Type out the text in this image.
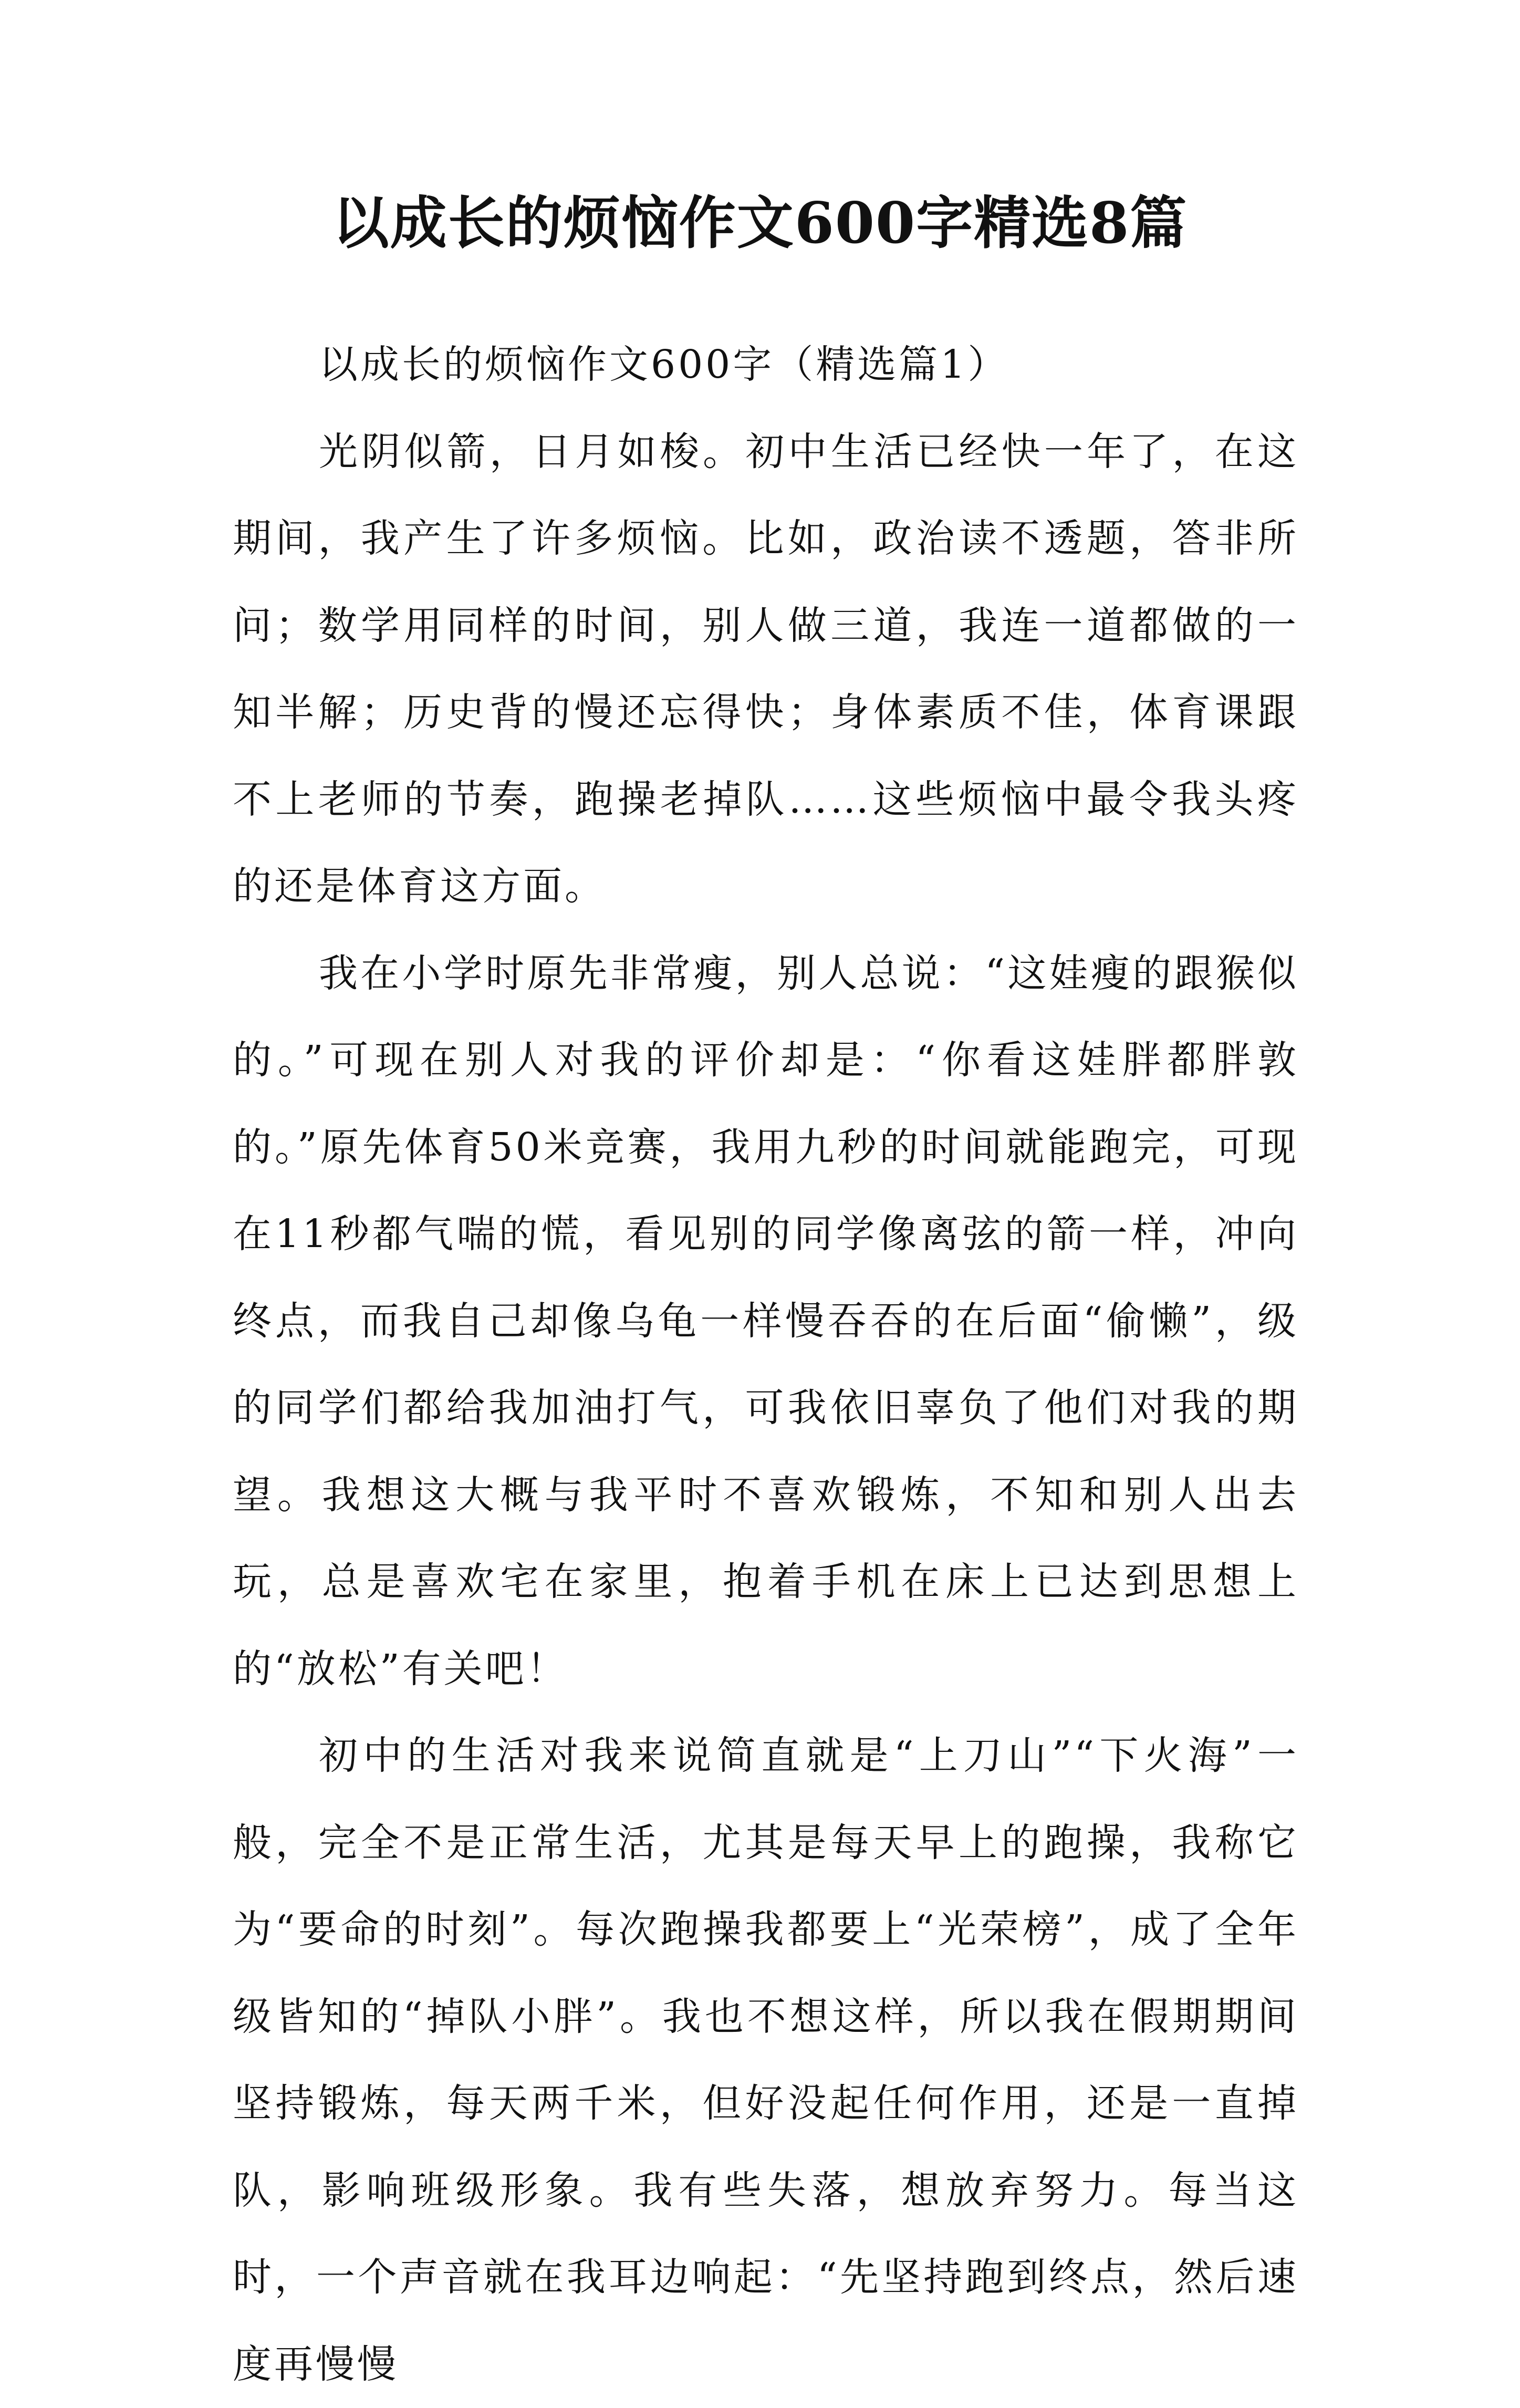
以成长的烦恼作文600字精选8篇

以成长的烦恼作文600字（精选篇1）

光阴似箭，日月如梭。初中生活已经快一年了，在这期间，我产生了许多烦恼。比如，政治读不透题，答非所问；数学用同样的时间，别人做三道，我连一道都做的一知半解；历史背的慢还忘得快；身体素质不佳，体育课跟不上老师的节奏，跑操老掉队……这些烦恼中最令我头疼的还是体育这方面。

我在小学时原先非常瘦，别人总说：“这娃瘦的跟猴似的。”可现在别人对我的评价却是：“你看这娃胖都胖敦的。”原先体育50米竞赛，我用九秒的时间就能跑完，可现在11秒都气喘的慌，看见别的同学像离弦的箭一样，冲向终点，而我自己却像乌龟一样慢吞吞的在后面“偷懒”，级的同学们都给我加油打气，可我依旧辜负了他们对我的期望。我想这大概与我平时不喜欢锻炼，不知和别人出去玩，总是喜欢宅在家里，抱着手机在床上已达到思想上的“放松”有关吧！

初中的生活对我来说简直就是“上刀山”“下火海”一般，完全不是正常生活，尤其是每天早上的跑操，我称它为“要命的时刻”。每次跑操我都要上“光荣榜”，成了全年级皆知的“掉队小胖”。我也不想这样，所以我在假期期间坚持锻炼，每天两千米，但好没起任何作用，还是一直掉队，影响班级形象。我有些失落，想放弃努力。每当这时，一个声音就在我耳边响起：“先坚持跑到终点，然后速度再慢慢
